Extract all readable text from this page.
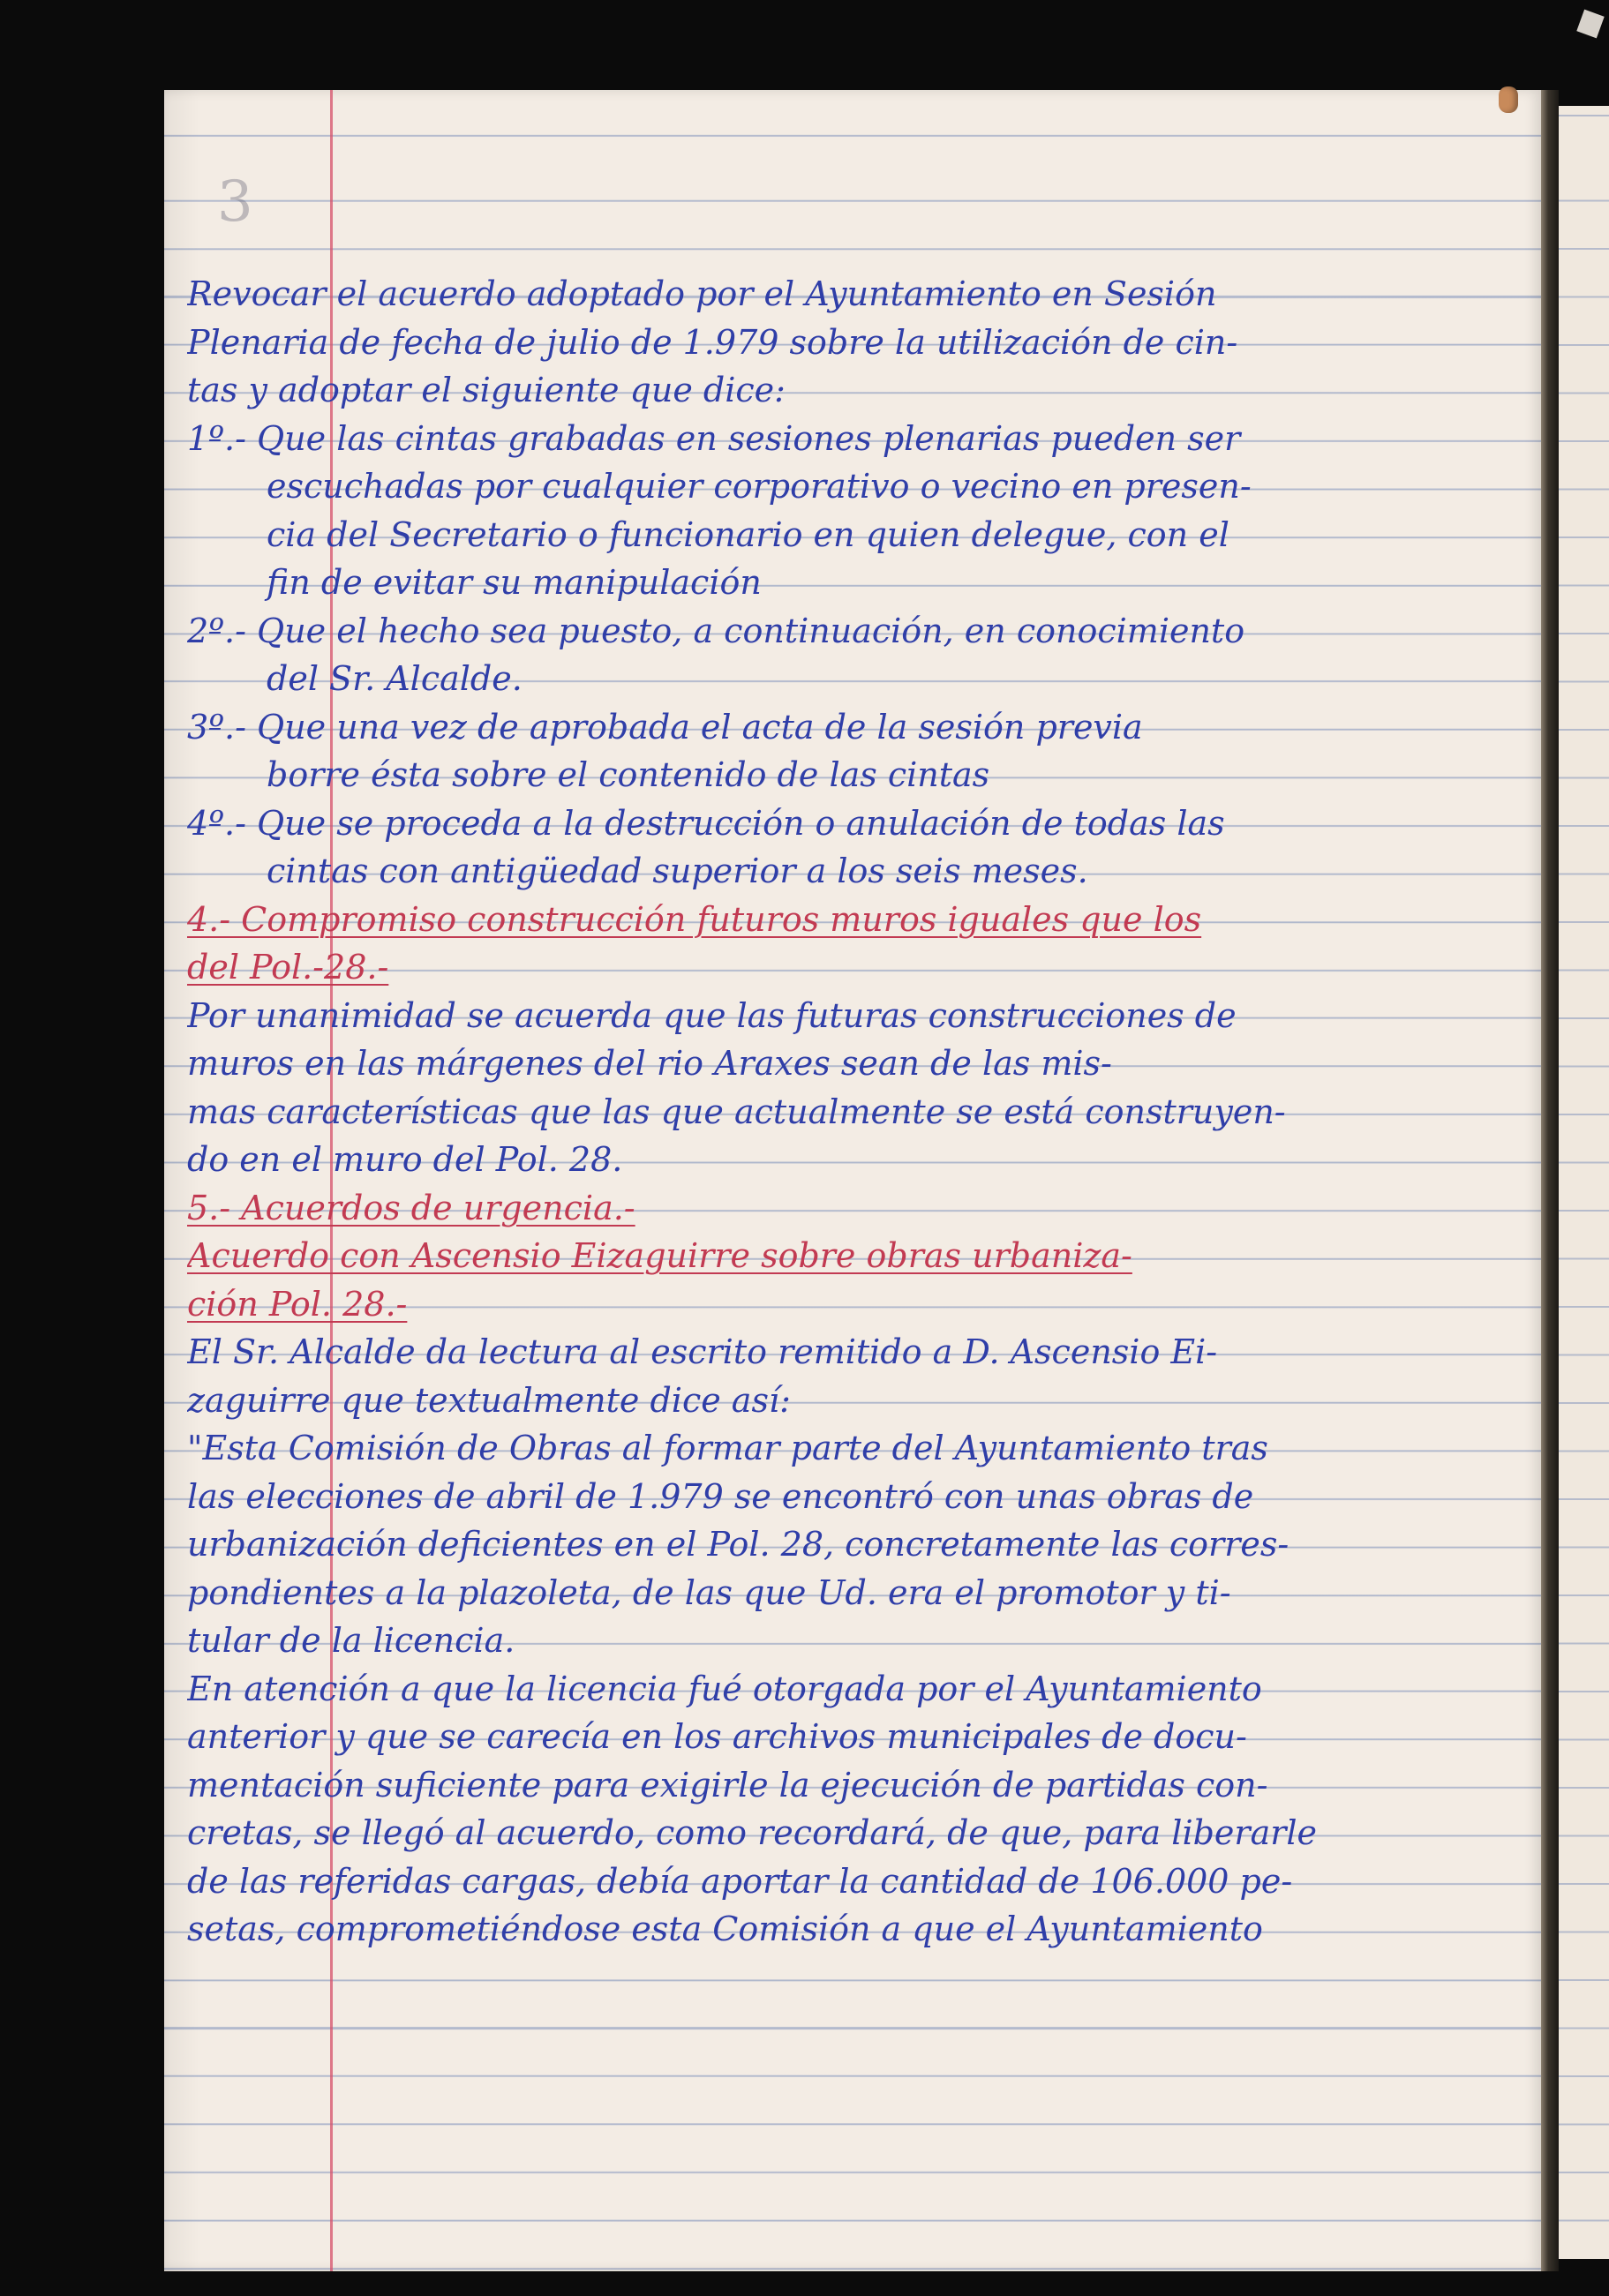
3
Revocar el acuerdo adoptado por el Ayuntamiento en Sesión
Plenaria de fecha de julio de 1.979 sobre la utilización de cin-
tas y adoptar el siguiente que dice:
1º.- Que las cintas grabadas en sesiones plenarias pueden ser
escuchadas por cualquier corporativo o vecino en presen-
cia del Secretario o funcionario en quien delegue, con el
fin de evitar su manipulación
2º.- Que el hecho sea puesto, a continuación, en conocimiento
del Sr. Alcalde.
3º.- Que una vez de aprobada el acta de la sesión previa
borre ésta sobre el contenido de las cintas
4º.- Que se proceda a la destrucción o anulación de todas las
cintas con antigüedad superior a los seis meses.
4.- Compromiso construcción futuros muros iguales que los
del Pol.-28.-
Por unanimidad se acuerda que las futuras construcciones de
muros en las márgenes del rio Araxes sean de las mis-
mas características que las que actualmente se está construyen-
do en el muro del Pol. 28.
5.- Acuerdos de urgencia.-
Acuerdo con Ascensio Eizaguirre sobre obras urbaniza-
ción Pol. 28.-
El Sr. Alcalde da lectura al escrito remitido a D. Ascensio Ei-
zaguirre que textualmente dice así:
"Esta Comisión de Obras al formar parte del Ayuntamiento tras
las elecciones de abril de 1.979 se encontró con unas obras de
urbanización deficientes en el Pol. 28, concretamente las corres-
pondientes a la plazoleta, de las que Ud. era el promotor y ti-
tular de la licencia.
En atención a que la licencia fué otorgada por el Ayuntamiento
anterior y que se carecía en los archivos municipales de docu-
mentación suficiente para exigirle la ejecución de partidas con-
cretas, se llegó al acuerdo, como recordará, de que, para liberarle
de las referidas cargas, debía aportar la cantidad de 106.000 pe-
setas, comprometiéndose esta Comisión a que el Ayuntamiento
